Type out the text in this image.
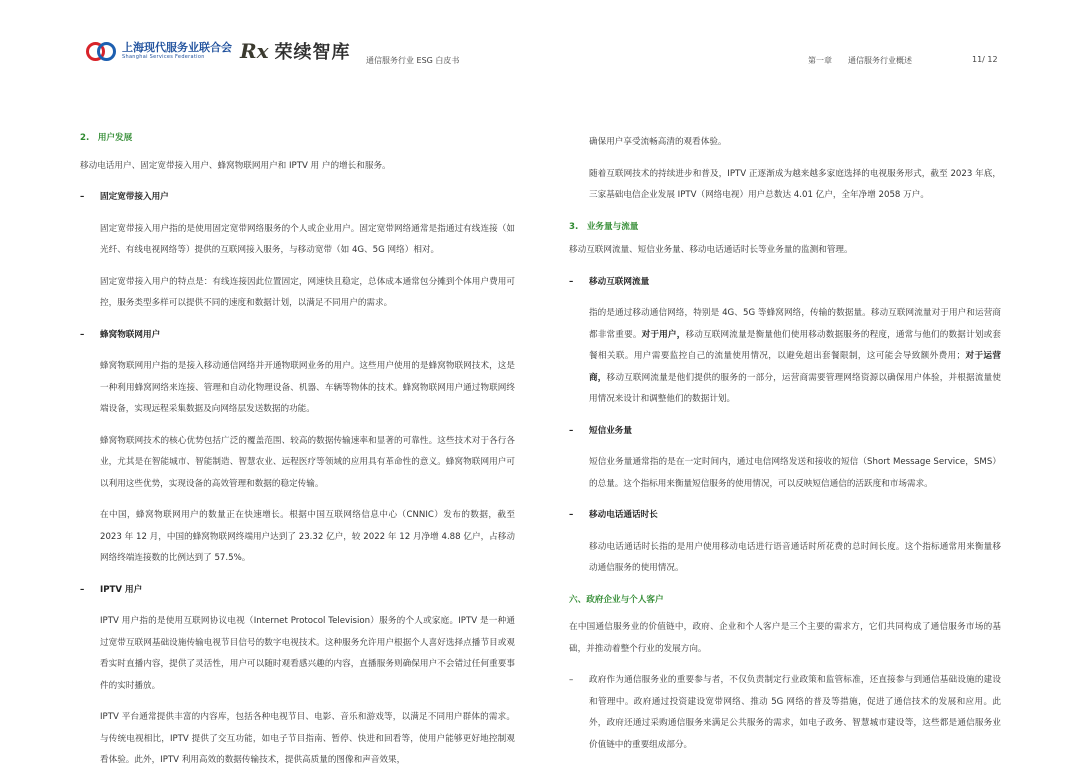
上海现代服务业联合会
Shanghai Services Federation	Rx 荣续智库 通信服务行业 ESG 白皮书	第一章 通信服务行业概述	11/ 12

2.　用户发展

移动电话用户、固定宽带接入用户、蜂窝物联网用户和 IPTV 用 户的增长和服务。

–	固定宽带接入用户

固定宽带接入用户指的是使用固定宽带网络服务的个人或企业用户。固定宽带网络通常是指通过有线连接（如光纤、有线电视网络等）提供的互联网接入服务，与移动宽带（如 4G、5G 网络）相对。

固定宽带接入用户的特点是：有线连接因此位置固定，网速快且稳定，总体成本通常包分摊到个体用户费用可控，服务类型多样可以提供不同的速度和数据计划，以满足不同用户的需求。

–	蜂窝物联网用户

蜂窝物联网用户指的是接入移动通信网络并开通物联网业务的用户。这些用户使用的是蜂窝物联网技术，这是一种利用蜂窝网络来连接、管理和自动化物理设备、机器、车辆等物体的技术。蜂窝物联网用户通过物联网终端设备，实现远程采集数据及向网络层发送数据的功能。

蜂窝物联网技术的核心优势包括广泛的覆盖范围、较高的数据传输速率和显著的可靠性。这些技术对于各行各业，尤其是在智能城市、智能制造、智慧农业、远程医疗等领域的应用具有革命性的意义。蜂窝物联网用户可以利用这些优势，实现设备的高效管理和数据的稳定传输。

在中国，蜂窝物联网用户的数量正在快速增长。根据中国互联网络信息中心（CNNIC）发布的数据，截至 2023 年 12 月，中国的蜂窝物联网终端用户达到了 23.32 亿户，较 2022 年 12 月净增 4.88 亿户，占移动网络终端连接数的比例达到了 57.5%。

–	IPTV 用户

IPTV 用户指的是使用互联网协议电视（Internet Protocol Television）服务的个人或家庭。IPTV 是一种通过宽带互联网基础设施传输电视节目信号的数字电视技术。这种服务允许用户根据个人喜好选择点播节目或观看实时直播内容，提供了灵活性，用户可以随时观看感兴趣的内容，直播服务则确保用户不会错过任何重要事件的实时播放。

IPTV 平台通常提供丰富的内容库，包括各种电视节目、电影、音乐和游戏等，以满足不同用户群体的需求。与传统电视相比，IPTV 提供了交互功能，如电子节目指南、暂停、快进和回看等，使用户能够更好地控制观看体验。此外，IPTV 利用高效的数据传输技术，提供高质量的图像和声音效果，

确保用户享受流畅高清的观看体验。

随着互联网技术的持续进步和普及，IPTV 正逐渐成为越来越多家庭选择的电视服务形式，截至 2023 年底，三家基础电信企业发展 IPTV（网络电视）用户总数达 4.01 亿户，全年净增 2058 万户。

3.　业务量与流量

移动互联网流量、短信业务量、移动电话通话时长等业务量的监测和管理。

–	移动互联网流量

指的是通过移动通信网络，特别是 4G、5G 等蜂窝网络，传输的数据量。移动互联网流量对于用户和运营商都非常重要。对于用户，移动互联网流量是衡量他们使用移动数据服务的程度，通常与他们的数据计划或套餐相关联。用户需要监控自己的流量使用情况，以避免超出套餐限制，这可能会导致额外费用；对于运营商，移动互联网流量是他们提供的服务的一部分，运营商需要管理网络资源以确保用户体验，并根据流量使用情况来设计和调整他们的数据计划。

–	短信业务量

短信业务量通常指的是在一定时间内，通过电信网络发送和接收的短信（Short Message Service，SMS）的总量。这个指标用来衡量短信服务的使用情况，可以反映短信通信的活跃度和市场需求。

–	移动电话通话时长

移动电话通话时长指的是用户使用移动电话进行语音通话时所花费的总时间长度。这个指标通常用来衡量移动通信服务的使用情况。

六、政府企业与个人客户

在中国通信服务业的价值链中，政府、企业和个人客户是三个主要的需求方，它们共同构成了通信服务市场的基础，并推动着整个行业的发展方向。

–	政府作为通信服务业的重要参与者，不仅负责制定行业政策和监管标准，还直接参与到通信基础设施的建设和管理中。政府通过投资建设宽带网络、推动 5G 网络的普及等措施，促进了通信技术的发展和应用。此外，政府还通过采购通信服务来满足公共服务的需求，如电子政务、智慧城市建设等，这些都是通信服务业价值链中的重要组成部分。
